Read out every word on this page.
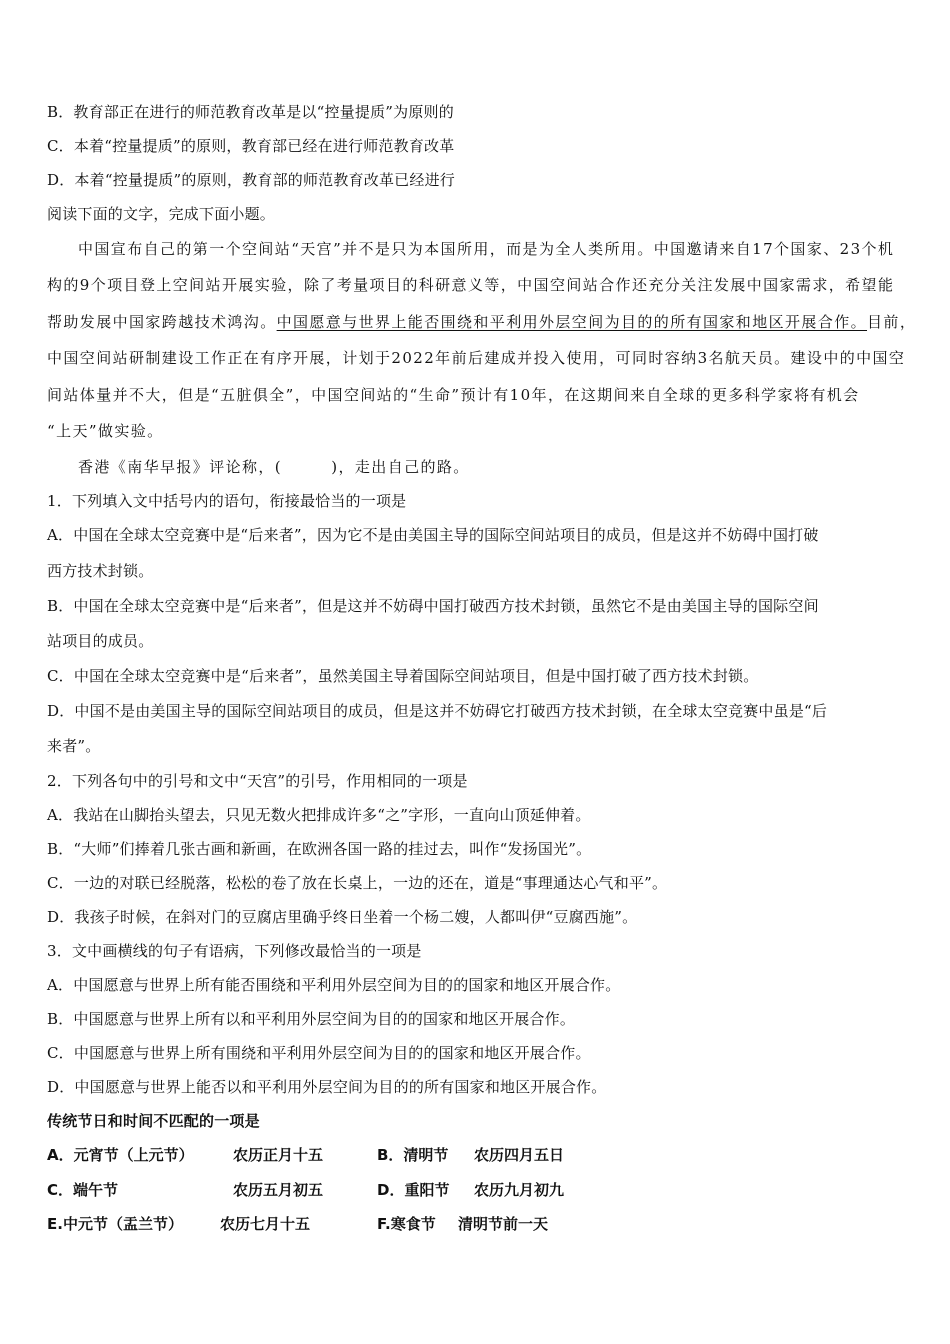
B．教育部正在进行的师范教育改革是以“控量提质”为原则的
C．本着“控量提质”的原则，教育部已经在进行师范教育改革
D．本着“控量提质”的原则，教育部的师范教育改革已经进行
阅读下面的文字，完成下面小题。
中国宣布自己的第一个空间站“天宫”并不是只为本国所用，而是为全人类所用。中国邀请来自17个国家、23个机
构的9个项目登上空间站开展实验，除了考量项目的科研意义等，中国空间站合作还充分关注发展中国家需求，希望能
帮助发展中国家跨越技术鸿沟。中国愿意与世界上能否围绕和平利用外层空间为目的的所有国家和地区开展合作。目前，
中国空间站研制建设工作正在有序开展，计划于2022年前后建成并投入使用，可同时容纳3名航天员。建设中的中国空
间站体量并不大，但是“五脏俱全”，中国空间站的“生命”预计有10年，在这期间来自全球的更多科学家将有机会
“上天”做实验。
香港《南华早报》评论称，(　　　)，走出自己的路。
1．下列填入文中括号内的语句，衔接最恰当的一项是
A．中国在全球太空竞赛中是“后来者”，因为它不是由美国主导的国际空间站项目的成员，但是这并不妨碍中国打破
西方技术封锁。
B．中国在全球太空竞赛中是“后来者”，但是这并不妨碍中国打破西方技术封锁，虽然它不是由美国主导的国际空间
站项目的成员。
C．中国在全球太空竞赛中是“后来者”，虽然美国主导着国际空间站项目，但是中国打破了西方技术封锁。
D．中国不是由美国主导的国际空间站项目的成员，但是这并不妨碍它打破西方技术封锁，在全球太空竞赛中虽是“后
来者”。
2．下列各句中的引号和文中“天宫”的引号，作用相同的一项是
A．我站在山脚抬头望去，只见无数火把排成许多“之”字形，一直向山顶延伸着。
B．“大师”们捧着几张古画和新画，在欧洲各国一路的挂过去，叫作“发扬国光”。
C．一边的对联已经脱落，松松的卷了放在长桌上，一边的还在，道是“事理通达心气和平”。
D．我孩子时候，在斜对门的豆腐店里确乎终日坐着一个杨二嫂，人都叫伊“豆腐西施”。
3．文中画横线的句子有语病，下列修改最恰当的一项是
A．中国愿意与世界上所有能否围绕和平利用外层空间为目的的国家和地区开展合作。
B．中国愿意与世界上所有以和平利用外层空间为目的的国家和地区开展合作。
C．中国愿意与世界上所有围绕和平利用外层空间为目的的国家和地区开展合作。
D．中国愿意与世界上能否以和平利用外层空间为目的的所有国家和地区开展合作。
传统节日和时间不匹配的一项是
A．元宵节（上元节）	农历正月十五	B．清明节 农历四月五日
C．端午节	农历五月初五	D．重阳节 农历九月初九
E.中元节（盂兰节） 农历七月十五	F.寒食节 清明节前一天
